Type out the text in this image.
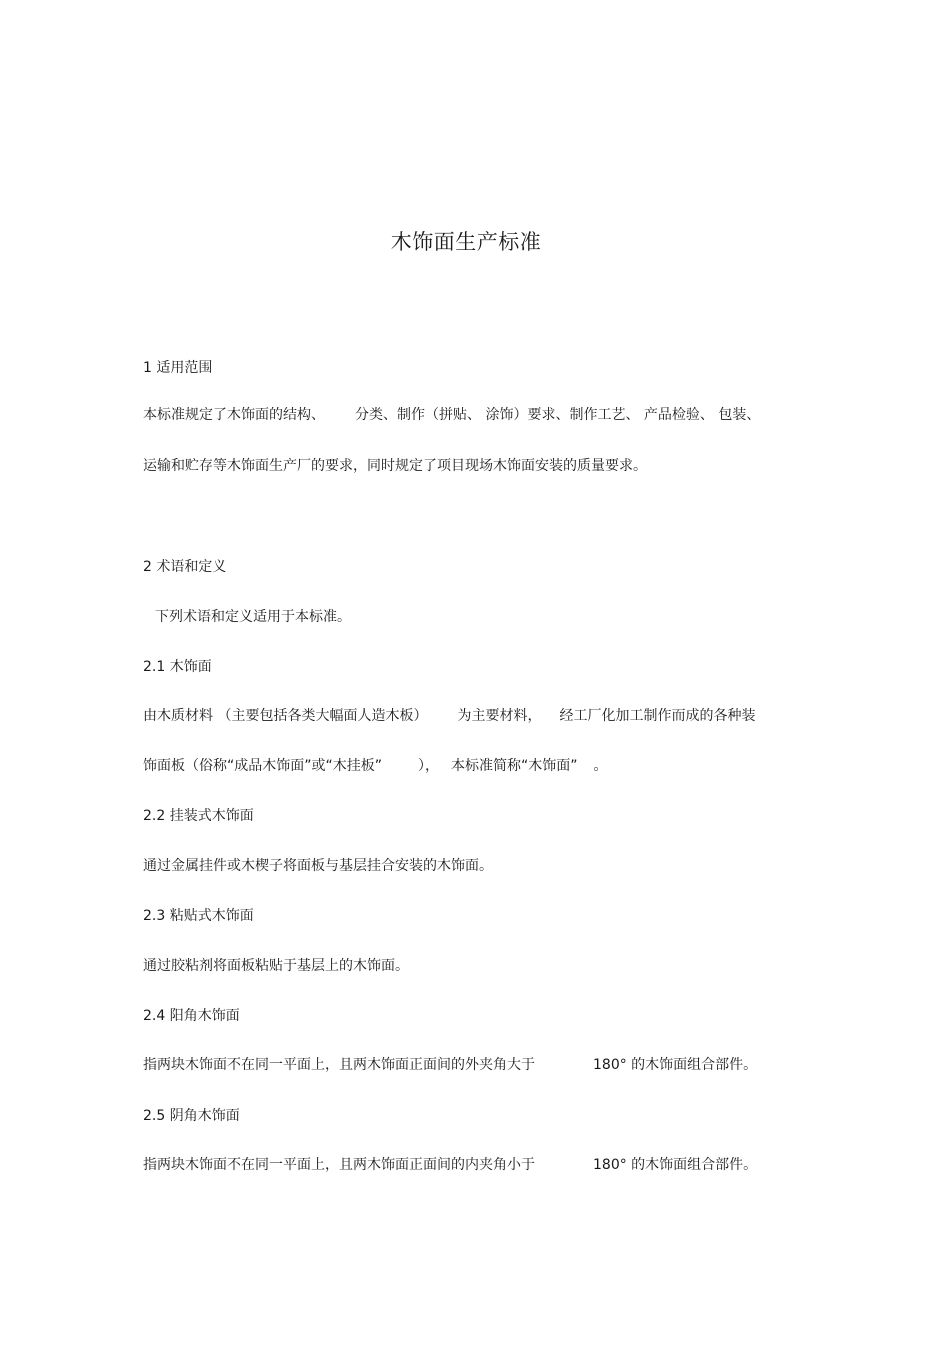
木饰面生产标准
1 适用范围
本标准规定了木饰面的结构、 分类、制作（拼贴、 涂饰）要求、制作工艺、 产品检验、 包装、
运输和贮存等木饰面生产厂的要求，同时规定了项目现场木饰面安装的质量要求。
2 术语和定义
下列术语和定义适用于本标准。
2.1 木饰面
由木质材料 （主要包括各类大幅面人造木板） 为主要材料， 经工厂化加工制作而成的各种装
饰面板（俗称“成品木饰面”或“木挂板”	）， 本标准简称“木饰面” 。
2.2 挂装式木饰面
通过金属挂件或木楔子将面板与基层挂合安装的木饰面。
2.3 粘贴式木饰面
通过胶粘剂将面板粘贴于基层上的木饰面。
2.4 阳角木饰面
指两块木饰面不在同一平面上，且两木饰面正面间的外夹角大于	180° 的木饰面组合部件。
2.5 阴角木饰面
指两块木饰面不在同一平面上，且两木饰面正面间的内夹角小于	180° 的木饰面组合部件。
